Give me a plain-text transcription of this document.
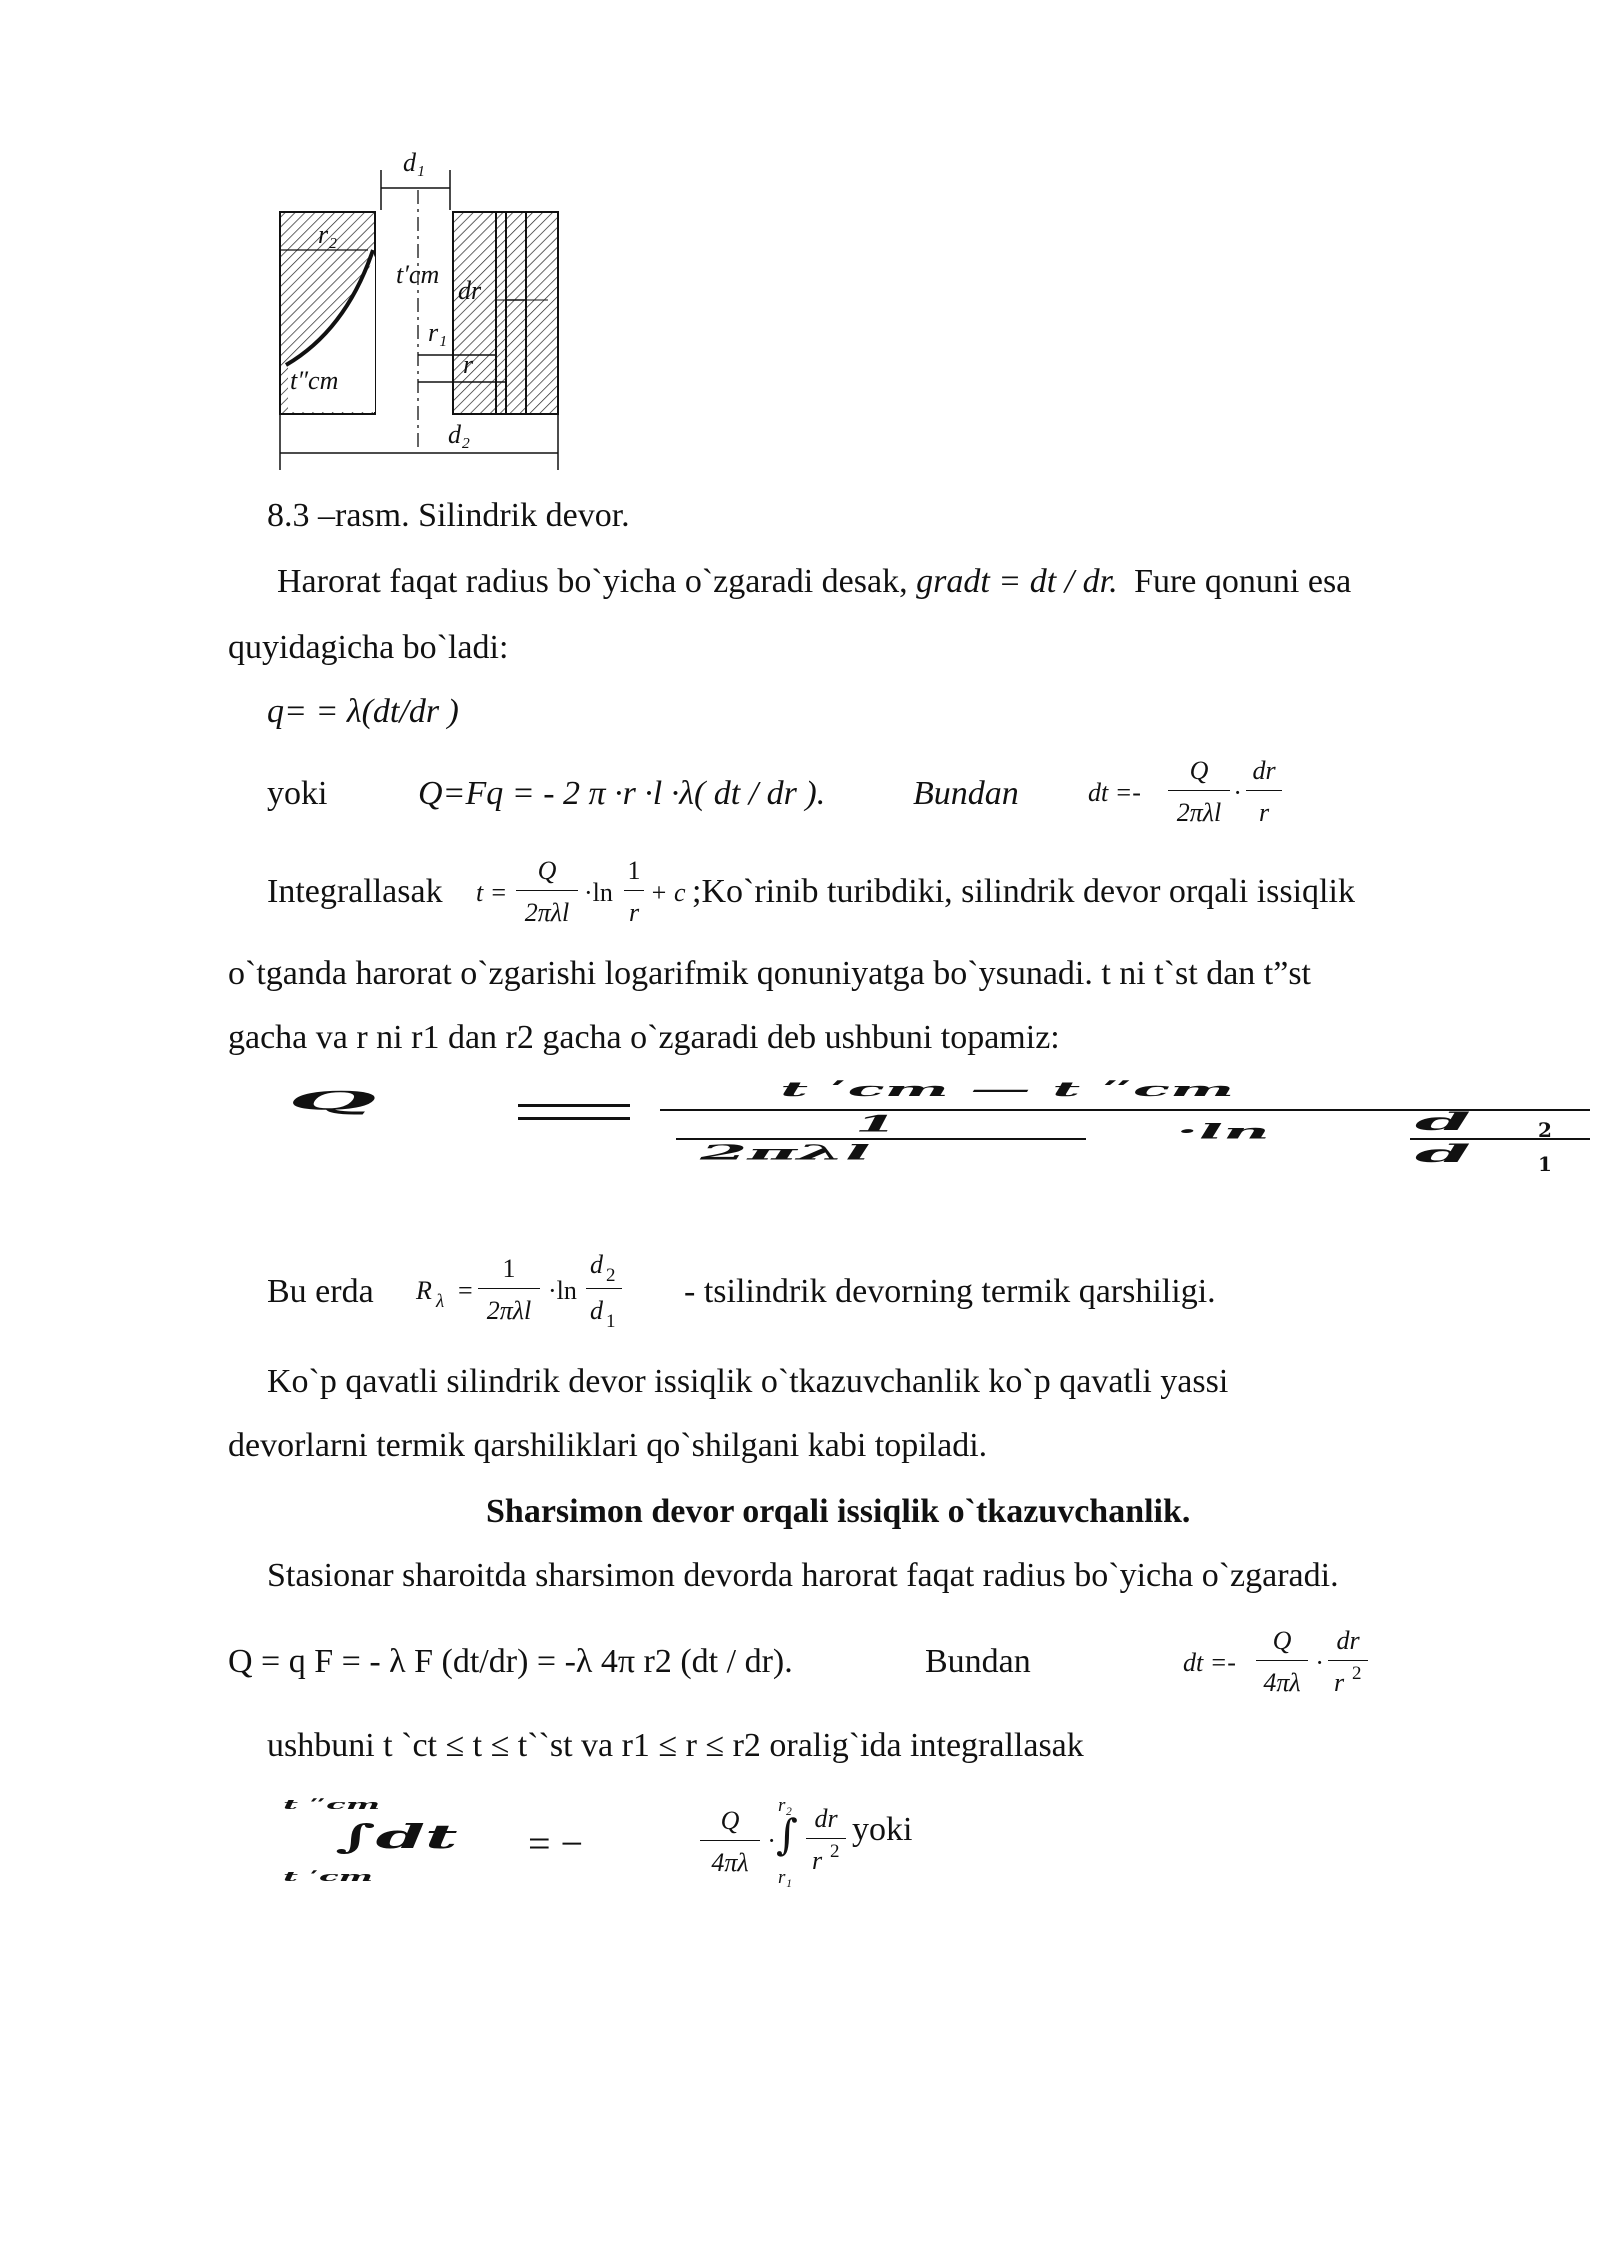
d₁
d₂
r₂
t′ст
dr
r₁
r
t″ст
8.3 –rasm. Silindrik devor.
Harorat faqat radius bo`yicha o`zgaradi desak, gradt = dt / dr. Fure qonuni esa
quyidagicha bo`ladi:
q= = λ(dt/dr )
yoki	Q=Fq = - 2 π ·r ·l ·λ( dt / dr ).	Bundan	dt =-
Q
2πλl
·
dr
r
Integrallasak t =
Q
2πλl
·ln
1
r
+ c ;Ko`rinib turibdiki, silindrik devor orqali issiqlik
o`tganda harorat o`zgarishi logarifmik qonuniyatga bo`ysunadi. t ni t`st dan t”st
gacha va r ni r1 dan r2 gacha o`zgaradi deb ushbuni topamiz:
Q	t ʹcm — t ʺcm
1
2πλl
·ln	d	2
d	1
Bu erda R λ =
1
2πλl
·ln
d 2
d 1
- tsilindrik devorning termik qarshiligi.
Ko`p qavatli silindrik devor issiqlik o`tkazuvchanlik ko`p qavatli yassi
devorlarni termik qarshiliklari qo`shilgani kabi topiladi.
Sharsimon devor orqali issiqlik o`tkazuvchanlik.
Stasionar sharoitda sharsimon devorda harorat faqat radius bo`yicha o`zgaradi.
Q = q F = - λ F (dt/dr) = -λ 4π r2 (dt / dr).	Bundan	dt =-
Q
4πλ
·
dr
r 2
ushbuni t `ct ≤ t ≤ t``st va r1 ≤ r ≤ r2 oralig`ida integrallasak
t ʺcm
∫dt
t ʹcm
= −
Q
4πλ
·
r₂
∫
r₁
dr
r 2
yoki
